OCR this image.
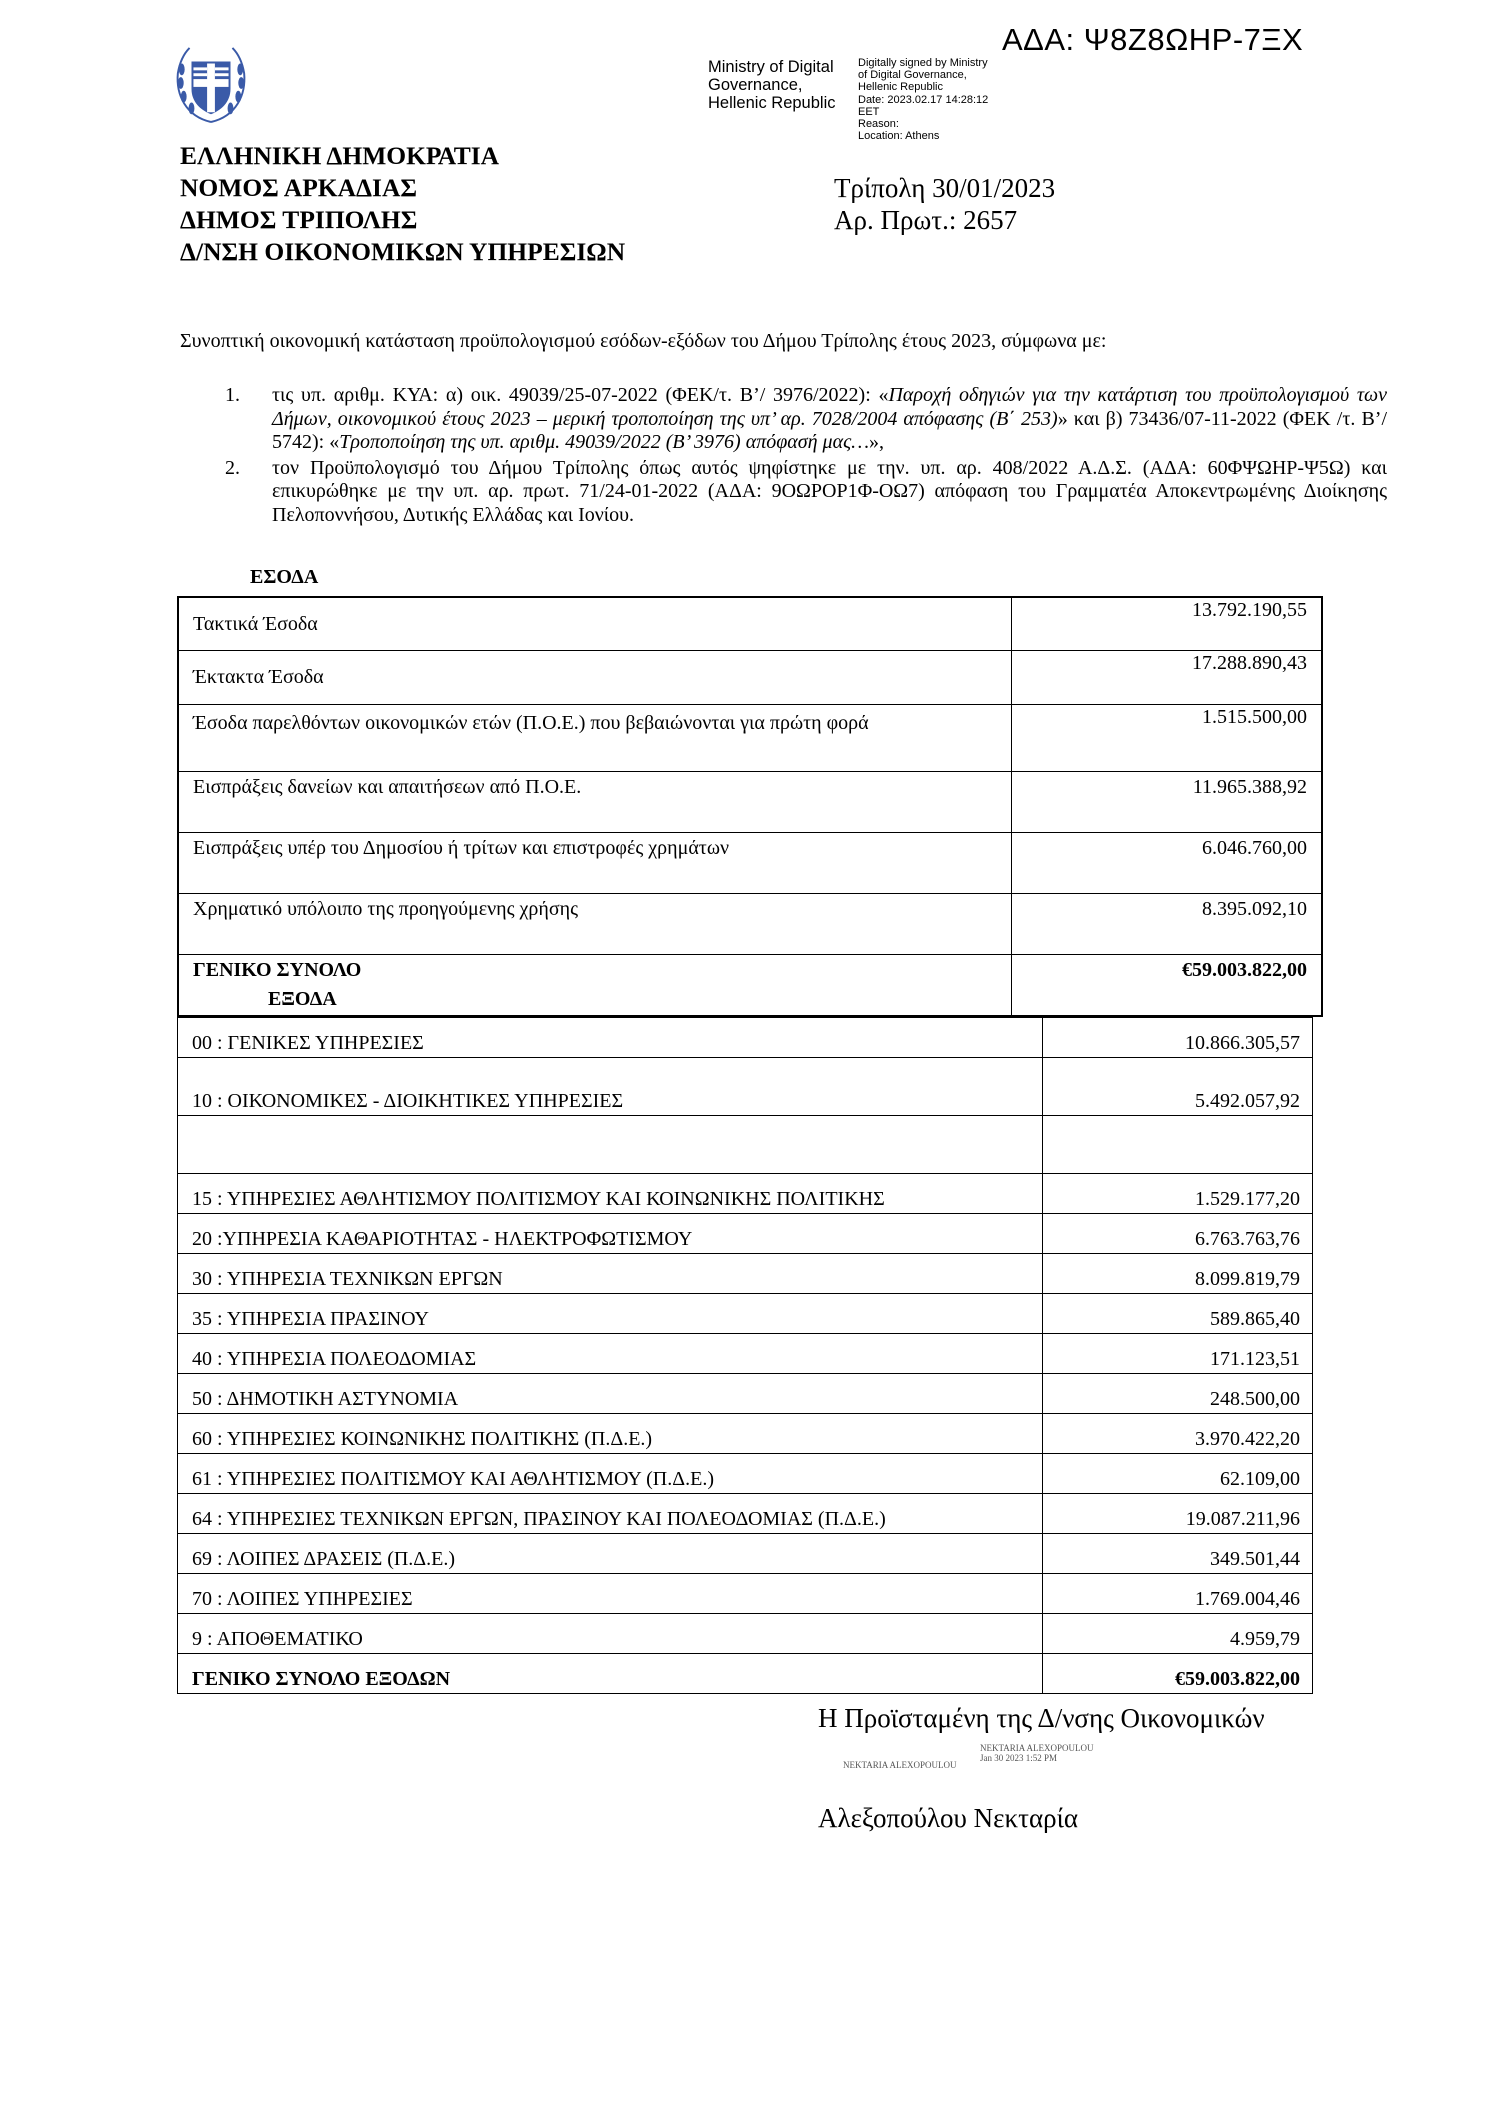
ΑΔΑ: Ψ8Ζ8ΩΗΡ-7ΞΧ
Ministry of Digital
Governance,
Hellenic Republic
Digitally signed by Ministry
of Digital Governance,
Hellenic Republic
Date: 2023.02.17 14:28:12
EET
Reason:
Location: Athens
ΕΛΛΗΝΙΚΗ ΔΗΜΟΚΡΑΤΙΑ
ΝΟΜΟΣ ΑΡΚΑΔΙΑΣ
ΔΗΜΟΣ ΤΡΙΠΟΛΗΣ
Δ/ΝΣΗ ΟΙΚΟΝΟΜΙΚΩΝ ΥΠΗΡΕΣΙΩΝ
Τρίπολη 30/01/2023
Αρ. Πρωτ.: 2657
Συνοπτική οικονομική κατάσταση προϋπολογισμού εσόδων-εξόδων του Δήμου Τρίπολης έτους 2023, σύμφωνα με:
1. τις υπ. αριθμ. ΚΥΑ: α) οικ. 49039/25-07-2022 (ΦΕΚ/τ. Β’/ 3976/2022): «Παροχή οδηγιών για την κατάρτιση του προϋπολογισμού των Δήμων, οικονομικού έτους 2023 – μερική τροποποίηση της υπ’ αρ. 7028/2004 απόφασης (Β΄ 253)» και β) 73436/07-11-2022 (ΦΕΚ /τ. Β’/ 5742): «Τροποποίηση της υπ. αριθμ. 49039/2022 (Β’ 3976) απόφασή μας…»,
2. τον Προϋπολογισμό του Δήμου Τρίπολης όπως αυτός ψηφίστηκε με την. υπ. αρ. 408/2022 Α.Δ.Σ. (ΑΔΑ: 60ΦΨΩΗΡ-Ψ5Ω) και επικυρώθηκε με την υπ. αρ. πρωτ. 71/24-01-2022 (ΑΔΑ: 9ΟΩΡΟΡ1Φ-ΟΩ7) απόφαση του Γραμματέα Αποκεντρωμένης Διοίκησης Πελοποννήσου, Δυτικής Ελλάδας και Ιονίου.
ΕΣΟΔΑ
Τακτικά Έσοδα	13.792.190,55
Έκτακτα Έσοδα	17.288.890,43
Έσοδα παρελθόντων οικονομικών ετών (Π.Ο.Ε.) που βεβαιώνονται για πρώτη φορά	1.515.500,00
Εισπράξεις δανείων και απαιτήσεων από Π.Ο.Ε.	11.965.388,92
Εισπράξεις υπέρ του Δημοσίου ή τρίτων και επιστροφές χρημάτων	6.046.760,00
Χρηματικό υπόλοιπο της προηγούμενης χρήσης	8.395.092,10
ΓΕΝΙΚΟ ΣΥΝΟΛΟ	€59.003.822,00
ΕΞΟΔΑ
00 : ΓΕΝΙΚΕΣ ΥΠΗΡΕΣΙΕΣ	10.866.305,57
10 : ΟΙΚΟΝΟΜΙΚΕΣ - ΔΙΟΙΚΗΤΙΚΕΣ ΥΠΗΡΕΣΙΕΣ	5.492.057,92

15 : ΥΠΗΡΕΣΙΕΣ ΑΘΛΗΤΙΣΜΟΥ ΠΟΛΙΤΙΣΜΟΥ ΚΑΙ ΚΟΙΝΩΝΙΚΗΣ ΠΟΛΙΤΙΚΗΣ	1.529.177,20
20 :ΥΠΗΡΕΣΙΑ ΚΑΘΑΡΙΟΤΗΤΑΣ - ΗΛΕΚΤΡΟΦΩΤΙΣΜΟΥ	6.763.763,76
30 : ΥΠΗΡΕΣΙΑ ΤΕΧΝΙΚΩΝ ΕΡΓΩΝ	8.099.819,79
35 : ΥΠΗΡΕΣΙΑ ΠΡΑΣΙΝΟΥ	589.865,40
40 : ΥΠΗΡΕΣΙΑ ΠΟΛΕΟΔΟΜΙΑΣ	171.123,51
50 : ΔΗΜΟΤΙΚΗ ΑΣΤΥΝΟΜΙΑ	248.500,00
60 : ΥΠΗΡΕΣΙΕΣ ΚΟΙΝΩΝΙΚΗΣ ΠΟΛΙΤΙΚΗΣ (Π.Δ.Ε.)	3.970.422,20
61 : ΥΠΗΡΕΣΙΕΣ ΠΟΛΙΤΙΣΜΟΥ ΚΑΙ ΑΘΛΗΤΙΣΜΟΥ (Π.Δ.Ε.)	62.109,00
64 : ΥΠΗΡΕΣΙΕΣ ΤΕΧΝΙΚΩΝ ΕΡΓΩΝ, ΠΡΑΣΙΝΟΥ ΚΑΙ ΠΟΛΕΟΔΟΜΙΑΣ (Π.Δ.Ε.)	19.087.211,96
69 : ΛΟΙΠΕΣ ΔΡΑΣΕΙΣ (Π.Δ.Ε.)	349.501,44
70 : ΛΟΙΠΕΣ ΥΠΗΡΕΣΙΕΣ	1.769.004,46
9 : ΑΠΟΘΕΜΑΤΙΚΟ	4.959,79
ΓΕΝΙΚΟ ΣΥΝΟΛΟ ΕΞΟΔΩΝ	€59.003.822,00
Η Προϊσταμένη της Δ/νσης Οικονομικών
NEKTARIA ALEXOPOULOU
Jan 30 2023 1:52 PM
NEKTARIA ALEXOPOULOU
Αλεξοπούλου Νεκταρία
